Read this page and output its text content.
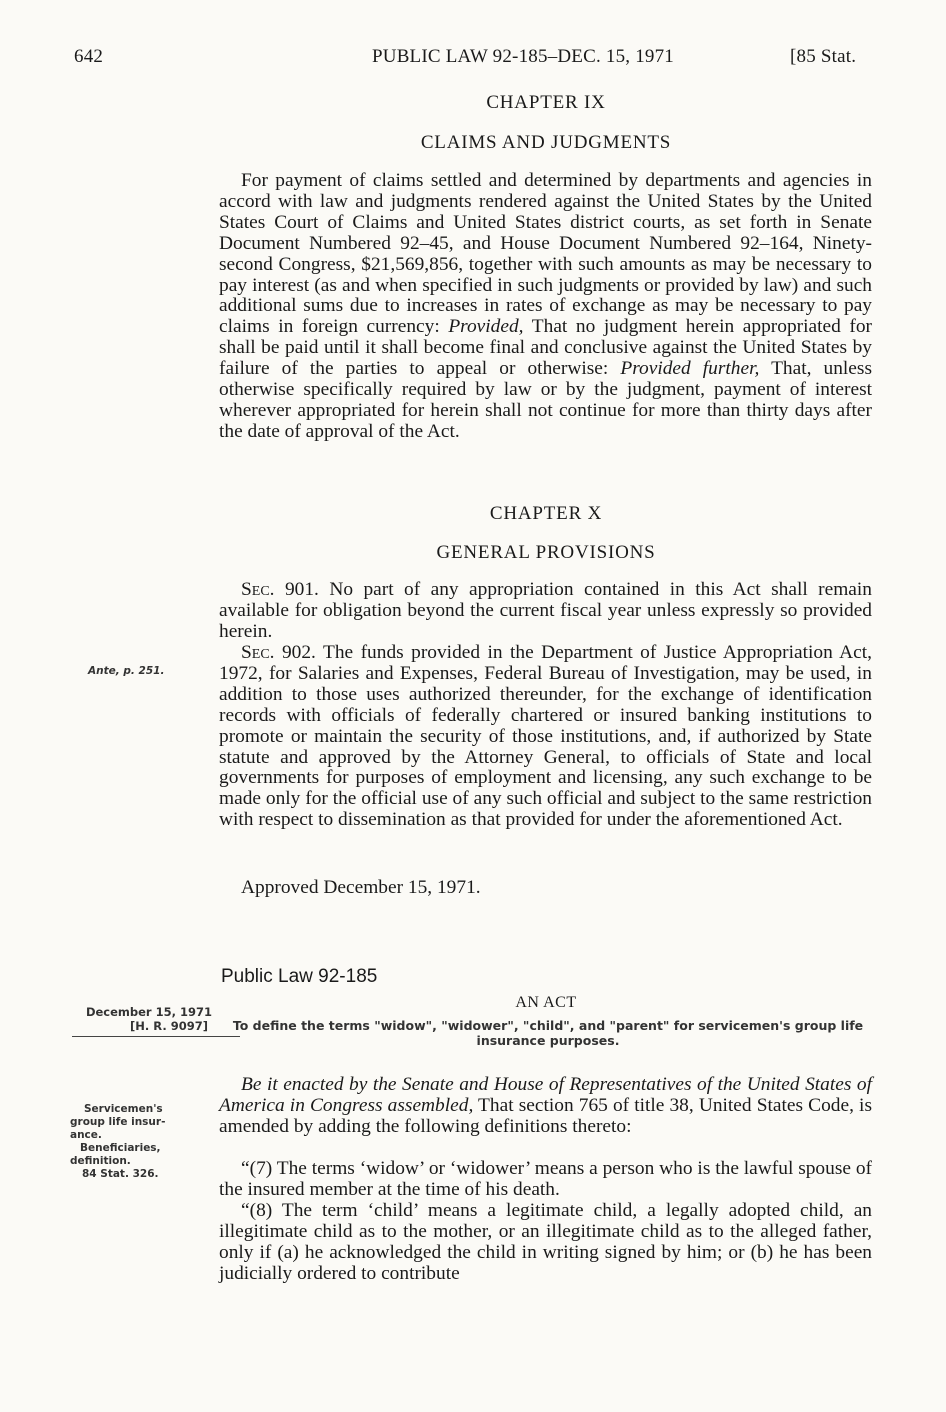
642	PUBLIC LAW 92-185–DEC. 15, 1971	[85 Stat.
CHAPTER IX
CLAIMS AND JUDGMENTS

For payment of claims settled and determined by departments and agencies in accord with law and judgments rendered against the United States by the United States Court of Claims and United States district courts, as set forth in Senate Document Numbered 92–45, and House Document Numbered 92–164, Ninety-second Congress, $21,569,856, together with such amounts as may be necessary to pay interest (as and when specified in such judgments or provided by law) and such additional sums due to increases in rates of exchange as may be necessary to pay claims in foreign currency: Provided, That no judgment herein appropriated for shall be paid until it shall become final and conclusive against the United States by failure of the parties to appeal or otherwise: Provided further, That, unless otherwise specifically required by law or by the judgment, payment of interest wherever appropriated for herein shall not continue for more than thirty days after the date of approval of the Act.

CHAPTER X
GENERAL PROVISIONS

Sec. 901. No part of any appropriation contained in this Act shall remain available for obligation beyond the current fiscal year unless expressly so provided herein.

Ante, p. 251.

Sec. 902. The funds provided in the Department of Justice Appropriation Act, 1972, for Salaries and Expenses, Federal Bureau of Investigation, may be used, in addition to those uses authorized thereunder, for the exchange of identification records with officials of federally chartered or insured banking institutions to promote or maintain the security of those institutions, and, if authorized by State statute and approved by the Attorney General, to officials of State and local governments for purposes of employment and licensing, any such exchange to be made only for the official use of any such official and subject to the same restriction with respect to dissemination as that provided for under the aforementioned Act.

Approved December 15, 1971.
Public Law 92-185
AN ACT
To define the terms "widow", "widower", "child", and "parent" for servicemen's group life insurance purposes.
December 15, 1971
[H. R. 9097]
Servicemen's
group life insur-
ance.
Beneficiaries,
definition.
84 Stat. 326.

Be it enacted by the Senate and House of Representatives of the United States of America in Congress assembled, That section 765 of title 38, United States Code, is amended by adding the following definitions thereto:

“(7) The terms ‘widow’ or ‘widower’ means a person who is the lawful spouse of the insured member at the time of his death.

“(8) The term ‘child’ means a legitimate child, a legally adopted child, an illegitimate child as to the mother, or an illegitimate child as to the alleged father, only if (a) he acknowledged the child in writing signed by him; or (b) he has been judicially ordered to contribute
